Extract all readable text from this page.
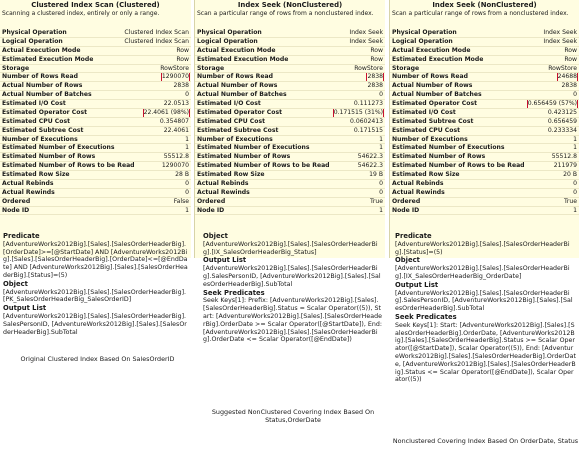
Clustered Index Scan (Clustered)
Scanning a clustered index, entirely or only a range.
Physical Operation	Clustered Index Scan
Logical Operation	Clustered Index Scan
Actual Execution Mode	Row
Estimated Execution Mode	Row
Storage	RowStore
Number of Rows Read	1290070
Actual Number of Rows	2838
Actual Number of Batches	0
Estimated I/O Cost	22.0513
Estimated Operator Cost	22.4061 (98%)
Estimated CPU Cost	0.354807
Estimated Subtree Cost	22.4061
Number of Executions	1
Estimated Number of Executions	1
Estimated Number of Rows	55512.8
Estimated Number of Rows to be Read	1290070
Estimated Row Size	28 B
Actual Rebinds	0
Actual Rewinds	0
Ordered	False
Node ID	1
Index Seek (NonClustered)
Scan a particular range of rows from a nonclustered index.
Physical Operation	Index Seek
Logical Operation	Index Seek
Actual Execution Mode	Row
Estimated Execution Mode	Row
Storage	RowStore
Number of Rows Read	2838
Actual Number of Rows	2838
Actual Number of Batches	0
Estimated I/O Cost	0.111273
Estimated Operator Cost	0.171515 (31%)
Estimated CPU Cost	0.0602413
Estimated Subtree Cost	0.171515
Number of Executions	1
Estimated Number of Executions	1
Estimated Number of Rows	54622.3
Estimated Number of Rows to be Read	54622.3
Estimated Row Size	19 B
Actual Rebinds	0
Actual Rewinds	0
Ordered	True
Node ID	1
Index Seek (NonClustered)
Scan a particular range of rows from a nonclustered index.
Physical Operation	Index Seek
Logical Operation	Index Seek
Actual Execution Mode	Row
Estimated Execution Mode	Row
Storage	RowStore
Number of Rows Read	24688
Actual Number of Rows	2838
Actual Number of Batches	0
Estimated Operator Cost	0.656459 (57%)
Estimated I/O Cost	0.423125
Estimated Subtree Cost	0.656459
Estimated CPU Cost	0.233334
Number of Executions	1
Estimated Number of Executions	1
Estimated Number of Rows	55512.8
Estimated Number of Rows to be Read	211979
Estimated Row Size	20 B
Actual Rebinds	0
Actual Rewinds	0
Ordered	True
Node ID	1
Predicate
[AdventureWorks2012Big].[Sales].[SalesOrderHeaderBig].[OrderDate]>=[@StartDate] AND [AdventureWorks2012Big].[Sales].[SalesOrderHeaderBig].[OrderDate]<=[@EndDate] AND [AdventureWorks2012Big].[Sales].[SalesOrderHeaderBig].[Status]=(5)
Object
[AdventureWorks2012Big].[Sales].[SalesOrderHeaderBig].[PK_SalesOrderHeaderBig_SalesOrderID]
Output List
[AdventureWorks2012Big].[Sales].[SalesOrderHeaderBig].SalesPersonID, [AdventureWorks2012Big].[Sales].[SalesOrderHeaderBig].SubTotal
Object
[AdventureWorks2012Big].[Sales].[SalesOrderHeaderBig].[IX_SalesOrderHeaderBig_Status]
Output List
[AdventureWorks2012Big].[Sales].[SalesOrderHeaderBig].SalesPersonID, [AdventureWorks2012Big].[Sales].[SalesOrderHeaderBig].SubTotal
Seek Predicates
Seek Keys[1]: Prefix: [AdventureWorks2012Big].[Sales].[SalesOrderHeaderBig].Status = Scalar Operator((5)), Start: [AdventureWorks2012Big].[Sales].[SalesOrderHeaderBig].OrderDate >= Scalar Operator([@StartDate]), End: [AdventureWorks2012Big].[Sales].[SalesOrderHeaderBig].OrderDate <= Scalar Operator([@EndDate])
Predicate
[AdventureWorks2012Big].[Sales].[SalesOrderHeaderBig].[Status]=(5)
Object
[AdventureWorks2012Big].[Sales].[SalesOrderHeaderBig].[IX_SalesOrderHeaderBig_OrderDate]
Output List
[AdventureWorks2012Big].[Sales].[SalesOrderHeaderBig].SalesPersonID, [AdventureWorks2012Big].[Sales].[SalesOrderHeaderBig].SubTotal
Seek Predicates
Seek Keys[1]: Start: [AdventureWorks2012Big].[Sales].[SalesOrderHeaderBig].OrderDate, [AdventureWorks2012Big].[Sales].[SalesOrderHeaderBig].Status >= Scalar Operator([@StartDate]), Scalar Operator((5)), End: [AdventureWorks2012Big].[Sales].[SalesOrderHeaderBig].OrderDate, [AdventureWorks2012Big].[Sales].[SalesOrderHeaderBig].Status <= Scalar Operator([@EndDate]), Scalar Operator((5))
Original Clustered Index Based On SalesOrderID
Suggested NonClustered Covering Index Based On Status,OrderDate
Nonclustered Covering Index Based On OrderDate, Status
